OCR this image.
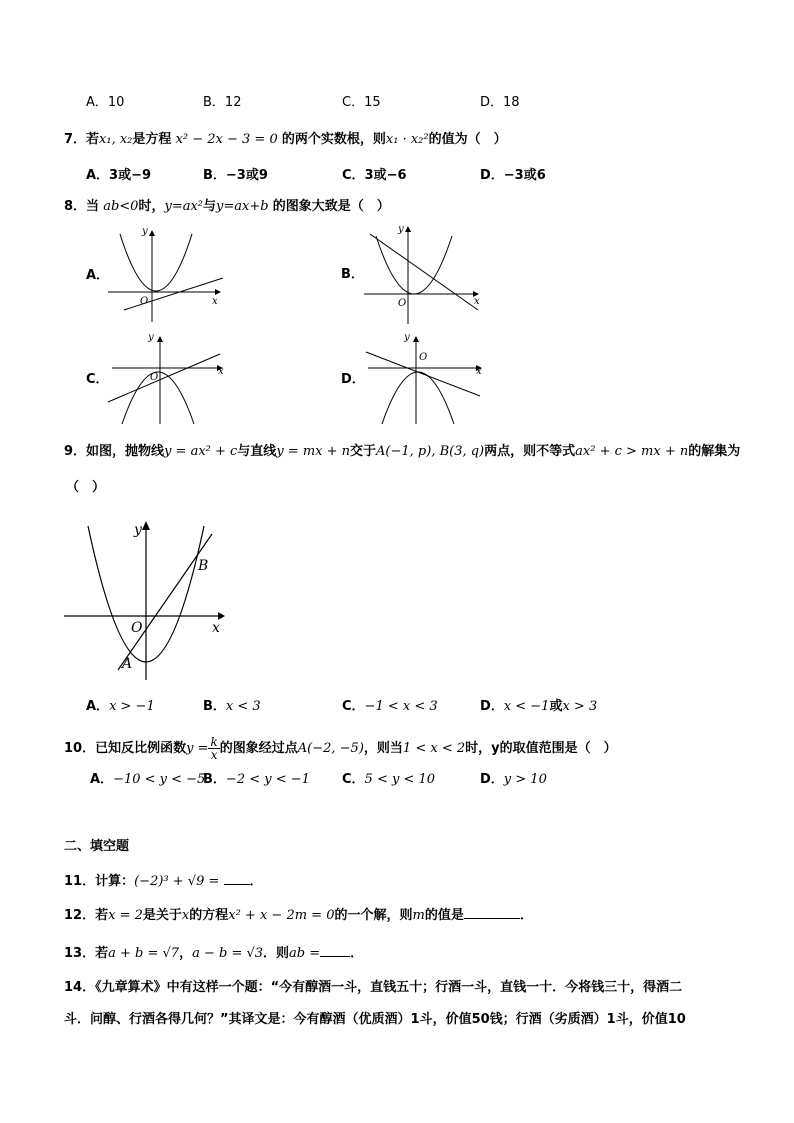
A．10	B．12	C．15	D．18
7．若x₁, x₂是方程 x² − 2x − 3 = 0 的两个实数根，则x₁ · x₂²的值为（　）
A．3或−9	B．−3或9	C．3或−6	D．−3或6
8．当 ab<0时，y=ax²与y=ax+b 的图象大致是（　）
A．	B．
C．	D．
y
x
O
y
x
O
y
x
O
y
x
O
9．如图，抛物线y = ax² + c与直线y = mx + n交于A(−1, p), B(3, q)两点，则不等式ax² + c > mx + n的解集为
（　）
y
x
O
A
B
A．x > −1	B．x < 3	C．−1 < x < 3	D．x < −1或x > 3
10．已知反比例函数$y = \frac{k}{x}$ 的图象经过点A(−2, −5)，则当1 < x < 2时，y的取值范围是（　）
A．−10 < y < −5
B．−2 < y < −1 C．5 < y < 10	D．y > 10
二、填空题
11．计算：(−2)³ + √9 = ．
12．若x = 2是关于x的方程x² + x − 2m = 0的一个解，则m的值是	．
13．若a + b = √7，a − b = √3．则ab = ．
14．《九章算术》中有这样一个题：“今有醇酒一斗，直钱五十；行酒一斗，直钱一十．今将钱三十，得酒二
斗．问醇、行酒各得几何？”其译文是：今有醇酒（优质酒）1斗，价值50钱；行酒（劣质酒）1斗，价值10
